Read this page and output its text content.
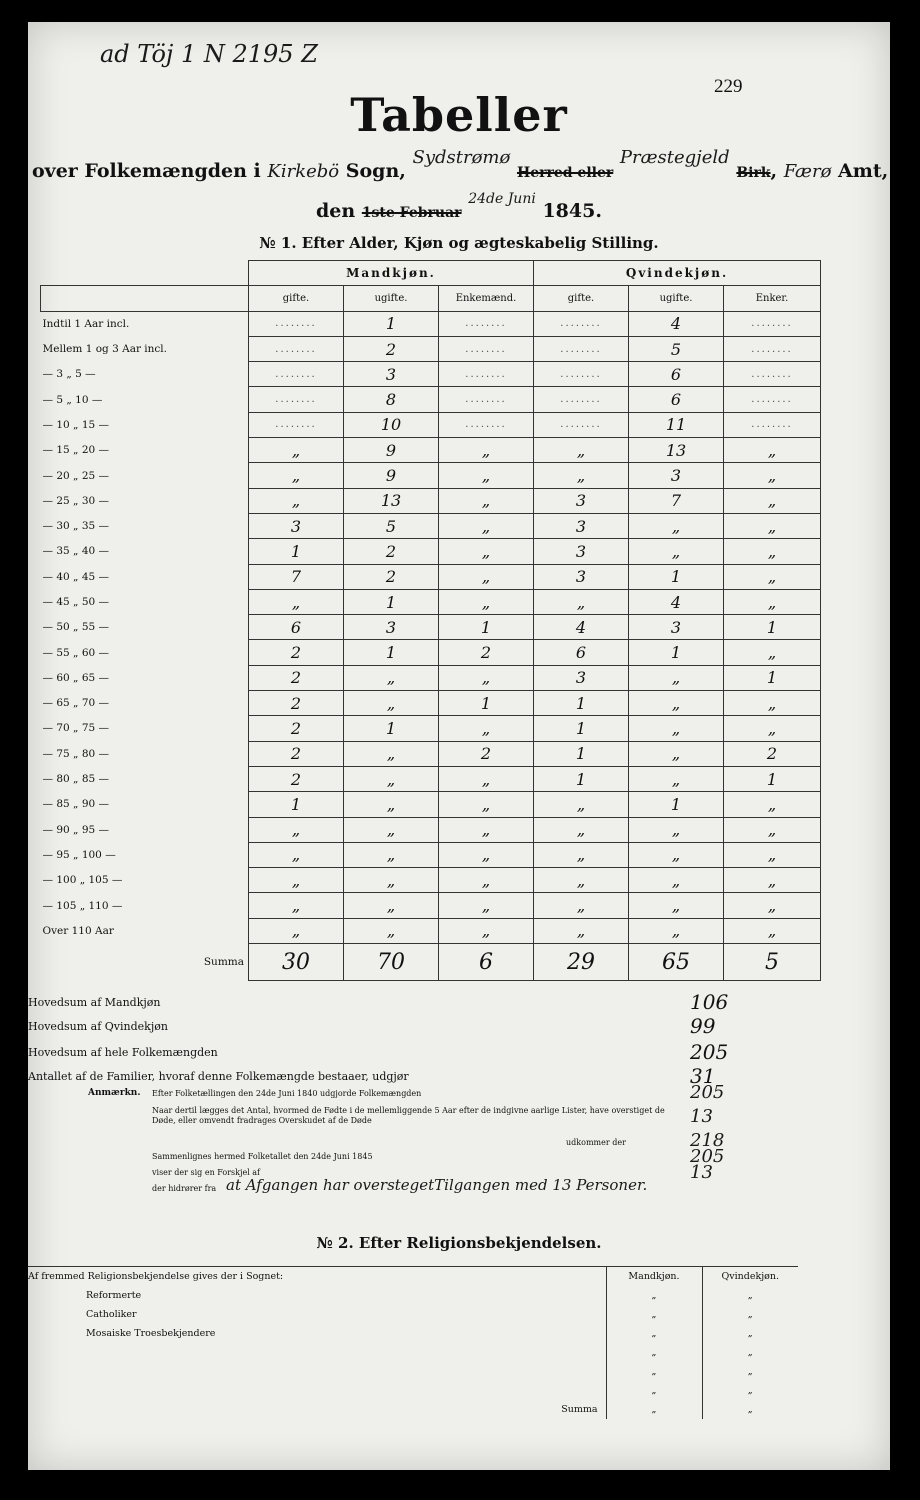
ad Töj 1 N 2195 Z
229
Tabeller
over Folkemængden i Kirkebö Sogn, Sydstrømø Herred eller Præstegjeld Birk, Færø Amt,
den 1ste Februar $^{24de Juni}$ 1845.
№ 1. Efter Alder, Kjøn og ægteskabelig Stilling.
	Mandkjøn.			Qvindekjøn.		
	gifte.	ugifte.	Enkemænd.	gifte.	ugifte.	Enker.
Indtil 1 Aar incl.	........	1	........	........	4	........
Mellem 1 og 3 Aar incl.	........	2	........	........	5	........
— 3 „ 5 —	........	3	........	........	6	........
— 5 „ 10 —	........	8	........	........	6	........
— 10 „ 15 —	........	10	........	........	11	........
— 15 „ 20 —	„	9	„	„	13	„
— 20 „ 25 —	„	9	„	„	3	„
— 25 „ 30 —	„	13	„	3	7	„
— 30 „ 35 —	3	5	„	3	„	„
— 35 „ 40 —	1	2	„	3	„	„
— 40 „ 45 —	7	2	„	3	1	„
— 45 „ 50 —	„	1	„	„	4	„
— 50 „ 55 —	6	3	1	4	3	1
— 55 „ 60 —	2	1	2	6	1	„
— 60 „ 65 —	2	„	„	3	„	1
— 65 „ 70 —	2	„	1	1	„	„
— 70 „ 75 —	2	1	„	1	„	„
— 75 „ 80 —	2	„	2	1	„	2
— 80 „ 85 —	2	„	„	1	„	1
— 85 „ 90 —	1	„	„	„	1	„
— 90 „ 95 —	„	„	„	„	„	„
— 95 „ 100 —	„	„	„	„	„	„
— 100 „ 105 —	„	„	„	„	„	„
— 105 „ 110 —	„	„	„	„	„	„
Over 110 Aar	„	„	„	„	„	„
Summa	30	70	6	29	65	5
Hovedsum af Mandkjøn	106
Hovedsum af Qvindekjøn	99
Hovedsum af hele Folkemængden	205
Antallet af de Familier, hvoraf denne Folkemængde bestaaer, udgjør	31
Anmærkn. Efter Folketællingen den 24de Juni 1840 udgjorde Folkemængden	205
Naar dertil lægges det Antal, hvormed de Fødte i de mellemliggende 5 Aar efter de indgivne aarlige Lister, have overstiget de Døde, eller omvendt fradrages Overskudet af de Døde	13
udkommer der	218
Sammenlignes hermed Folketallet den 24de Juni 1845	205
viser der sig en Forskjel af	13
der hidrører fra at Afgangen har overstegetTilgangen med 13 Personer.
№ 2. Efter Religionsbekjendelsen.
Af fremmed Religionsbekjendelse gives der i Sognet:	Mandkjøn.	Qvindekjøn.
Reformerte	„	„
Catholiker	„	„
Mosaiske Troesbekjendere	„	„
	„	„
	„	„
	„	„
Summa	„	„
